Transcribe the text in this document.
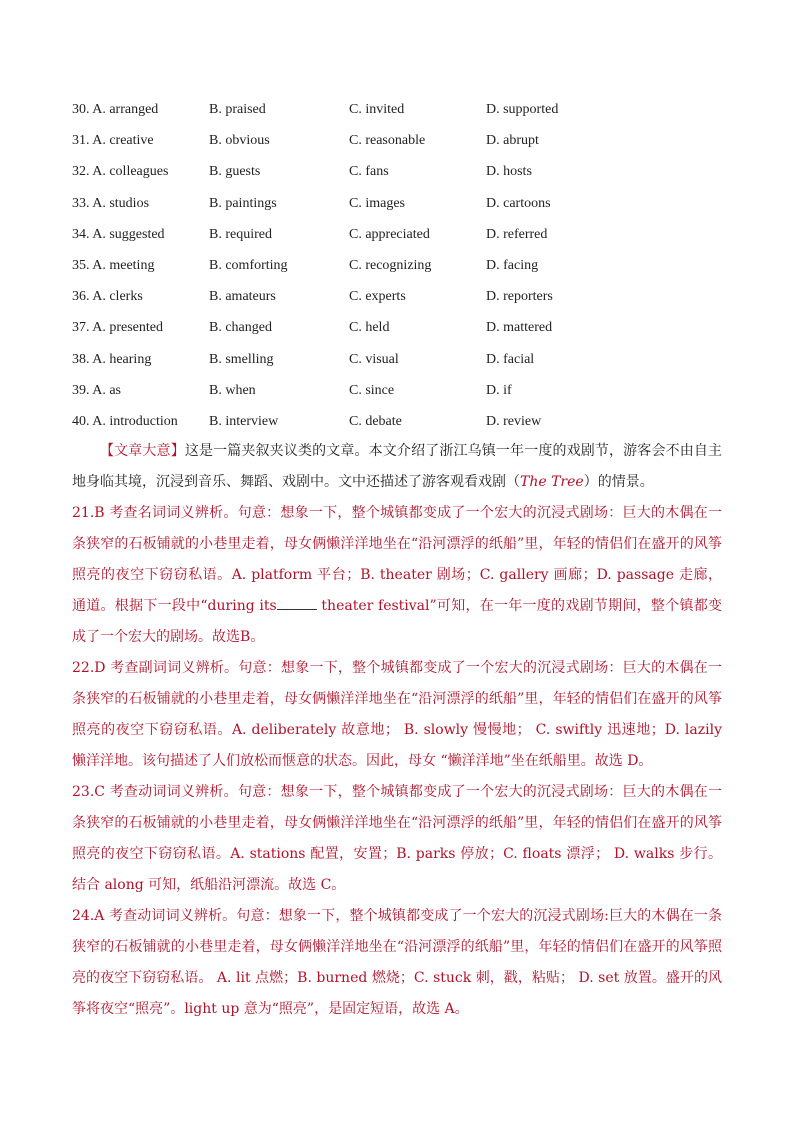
30. A. arranged	B. praised	C. invited	D. supported
31. A. creative	B. obvious	C. reasonable	D. abrupt
32. A. colleagues	B. guests	C. fans	D. hosts
33. A. studios	B. paintings	C. images	D. cartoons
34. A. suggested	B. required	C. appreciated	D. referred
35. A. meeting	B. comforting	C. recognizing	D. facing
36. A. clerks	B. amateurs	C. experts	D. reporters
37. A. presented	B. changed	C. held	D. mattered
38. A. hearing	B. smelling	C. visual	D. facial
39. A. as	B. when	C. since	D. if
40. A. introduction B. interview	C. debate	D. review

【文章大意】这是一篇夹叙夹议类的文章。本文介绍了浙江乌镇一年一度的戏剧节，游客会不由自主地身临其境，沉浸到音乐、舞蹈、戏剧中。文中还描述了游客观看戏剧（The Tree）的情景。

21.B 考查名词词义辨析。句意：想象一下，整个城镇都变成了一个宏大的沉浸式剧场：巨大的木偶在一条狭窄的石板铺就的小巷里走着，母女俩懒洋洋地坐在“沿河漂浮的纸船”里，年轻的情侣们在盛开的风筝照亮的夜空下窃窃私语。A. platform 平台；B. theater 剧场；C. gallery 画廊；D. passage 走廊，通道。根据下一段中“during its	theater festival”可知，在一年一度的戏剧节期间，整个镇都变成了一个宏大的剧场。故选B。

22.D 考查副词词义辨析。句意：想象一下，整个城镇都变成了一个宏大的沉浸式剧场：巨大的木偶在一条狭窄的石板铺就的小巷里走着，母女俩懒洋洋地坐在“沿河漂浮的纸船”里，年轻的情侣们在盛开的风筝照亮的夜空下窃窃私语。A. deliberately 故意地； B. slowly 慢慢地； C. swiftly 迅速地；D. lazily 懒洋洋地。该句描述了人们放松而惬意的状态。因此，母女 “懒洋洋地”坐在纸船里。故选 D。

23.C 考查动词词义辨析。句意：想象一下，整个城镇都变成了一个宏大的沉浸式剧场：巨大的木偶在一条狭窄的石板铺就的小巷里走着，母女俩懒洋洋地坐在“沿河漂浮的纸船”里，年轻的情侣们在盛开的风筝照亮的夜空下窃窃私语。A. stations 配置，安置；B. parks 停放；C. floats 漂浮； D. walks 步行。结合 along 可知，纸船沿河漂流。故选 C。

24.A 考查动词词义辨析。句意：想象一下，整个城镇都变成了一个宏大的沉浸式剧场:巨大的木偶在一条狭窄的石板铺就的小巷里走着，母女俩懒洋洋地坐在“沿河漂浮的纸船”里，年轻的情侣们在盛开的风筝照亮的夜空下窃窃私语。 A. lit 点燃；B. burned 燃烧；C. stuck 刺，戳，粘贴； D. set 放置。盛开的风筝将夜空“照亮”。light up 意为“照亮”，是固定短语，故选 A。
